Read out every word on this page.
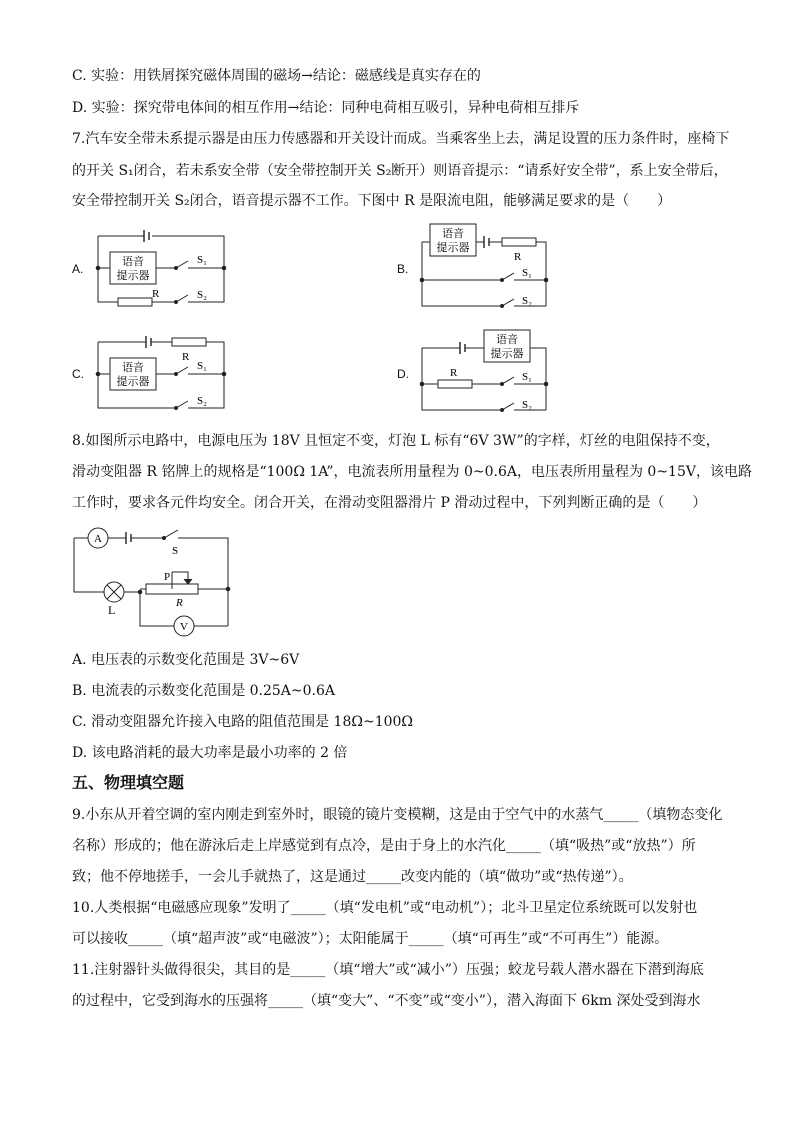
C. 实验：用铁屑探究磁体周围的磁场→结论：磁感线是真实存在的
D. 实验：探究带电体间的相互作用→结论：同种电荷相互吸引，异种电荷相互排斥
7.汽车安全带未系提示器是由压力传感器和开关设计而成。当乘客坐上去，满足设置的压力条件时，座椅下
的开关 S₁闭合，若未系安全带（安全带控制开关 S₂断开）则语音提示：“请系好安全带”，系上安全带后，
安全带控制开关 S₂闭合，语音提示器不工作。下图中 R 是限流电阻，能够满足要求的是（　　）
A.
语音
提示器
S₁
S₂
R
B.
语音
提示器
R
S₁
S₂
C.	语音
提示器
R
S₁
S₂
D.
语音
提示器
R	S₁
S₂
8.如图所示电路中，电源电压为 18V 且恒定不变，灯泡 L 标有“6V 3W”的字样，灯丝的电阻保持不变，
滑动变阻器 R 铭牌上的规格是“100Ω 1A”，电流表所用量程为 0~0.6A，电压表所用量程为 0~15V，该电路
工作时，要求各元件均安全。闭合开关，在滑动变阻器滑片 P 滑动过程中，下列判断正确的是（　　）
A
V
S
L
P
R
A. 电压表的示数变化范围是 3V~6V
B. 电流表的示数变化范围是 0.25A~0.6A
C. 滑动变阻器允许接入电路的阻值范围是 18Ω~100Ω
D. 该电路消耗的最大功率是最小功率的 2 倍
五、物理填空题
9.小东从开着空调的室内刚走到室外时，眼镜的镜片变模糊，这是由于空气中的水蒸气_____（填物态变化
名称）形成的；他在游泳后走上岸感觉到有点冷，是由于身上的水汽化_____（填“吸热”或“放热”）所
致；他不停地搓手，一会儿手就热了，这是通过_____改变内能的（填“做功”或“热传递”）。
10.人类根据“电磁感应现象”发明了_____（填“发电机”或“电动机”）；北斗卫星定位系统既可以发射也
可以接收_____（填“超声波”或“电磁波”）；太阳能属于_____（填“可再生”或“不可再生”）能源。
11.注射器针头做得很尖，其目的是_____（填“增大”或“减小”）压强；蛟龙号载人潜水器在下潜到海底
的过程中，它受到海水的压强将_____（填“变大”、“不变”或“变小”），潜入海面下 6km 深处受到海水
